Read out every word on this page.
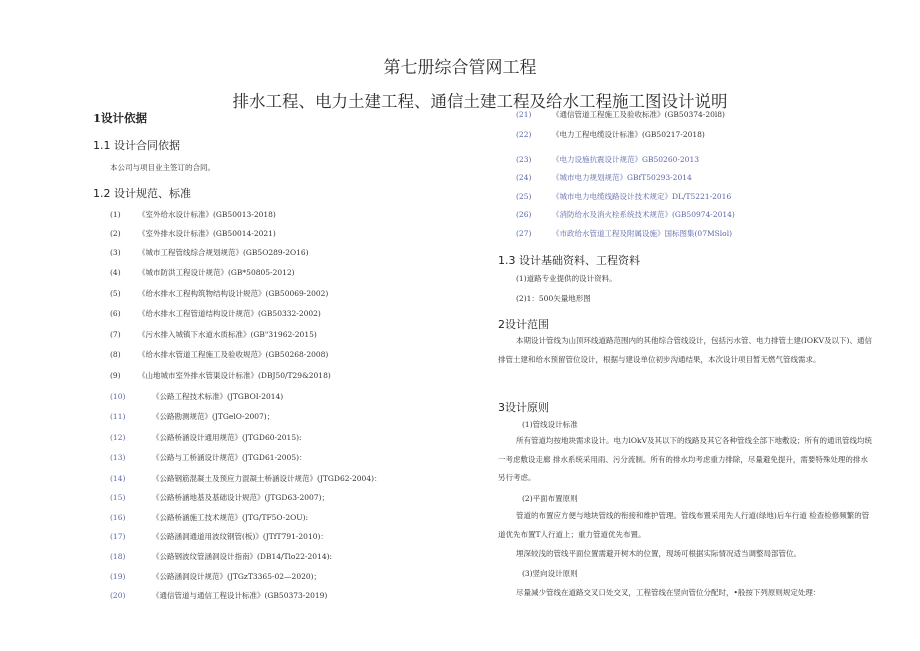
第七册综合管网工程
排水工程、电力土建工程、通信土建工程及给水工程施工图设计说明
1设计依据
1.1 设计合同依据
本公司与项目业主签订的合同。
1.2 设计规范、标准
(1) 《室外给水设计标准》(GB50013-2018)
(2) 《室外排水设计标准》(GB50014-2021)
(3) 《城市工程管线综合规划规范》(GB5O289-2O16)
(4) 《城市防洪工程设计规范》(GB*50805-2012)
(5) 《给水排水工程构筑物结构设计规范》(GB50069-2002)
(6) 《给水排水工程管道结构设计规范》(GB50332-2002)
(7) 《污水排入城镇下水道水质标准》(GB"31962-2015)
(8) 《给水排水管道工程施工及验收规范》(GB50268-2008)
(9) 《山地城市室外排水管渠设计标准》(DBJ50/T29&2018)
(10)	《公路工程技术标准》(JTGBOI-2014)
(11)	《公路勘测规范》(JTGelO-2007)；
(12)	《公路桥涵设计通用规范》(JTGD60-2015):
(13)	《公路与工桥涵设计规范》(JTGD61-2005)：
(14)	《公路钢筋混凝土及预应力混凝土桥涵设计规范》(JTGD62-2004)：
(15)	《公路桥涵地基及基础设计规范》(JTGD63-2007)；
(16)	《公路桥涵施工技术规范》(JTG/TF5O-2OU):
(17)	《公路涵洞通道用波纹钢管(板)》(JTfT791-2010)：
(18)	《公路钢波纹管涵洞设计指南》(DB14/Tlo22-2014):
(19)	《公路涵洞设计规范》(JTGzT3365-02—2020)；
(20)	《通信管道与通信工程设计标准》(GB50373-2019)
(21)	《通信管道工程施工及验收标准》(GB50374-20l8)
(22)	《电力工程电缆设计标准》(GB50217-2018)
(23)	《电力设施抗震设计规范》GB50260-2013
(24)	《城市电力规划规范》GBfT50293-2014
(25)	《城市电力电缆线路设计技术规定》DL/T5221-2016
(26)	《消防给水及消火栓系统技术规范》(GB50974-2014)
(27)	《市政给水管道工程及附属设施》国标图集(07MSlol)
1.3 设计基础资料、工程资料
(1)道路专业提供的设计资料。
(2)1：500矢量地形图
2设计范围
本期设计管线为山顶环线道路范围内的其他综合管线设计，包括污水管、电力排管土建(IOKV及以下)、通信排管土建和给水预留管位设计，根据与建设单位初步沟通结果，本次设计项目暂无燃气管线需求。
3设计原则
(1)管线设计标准
所有管道均按地块需求设计。电力lOkV及其以下的线路及其它各种管线全部下地敷设；所有的通讯管线均统一考虑敷设走廊 排水系统采用雨、污分流制。所有的排水均考虑重力排除，尽量避免提升，需要特殊处理的排水另行考虑。
(2)平面布置原则
管道的布置应方便与地块管线的衔接和维护管理。管线布置采用先人行道(绿地)后车行道 检查检修频繁的管道优先布置T人行道上；重力管道优先布置。
埋深较浅的管线平面位置需避开树木的位置，现场可根据实际情况适当调整局部管位。
(3)竖向设计原则
尽量减少管线在道路交叉口处交叉，工程管线在竖向管位分配时，•般按下列原则规定处理：
